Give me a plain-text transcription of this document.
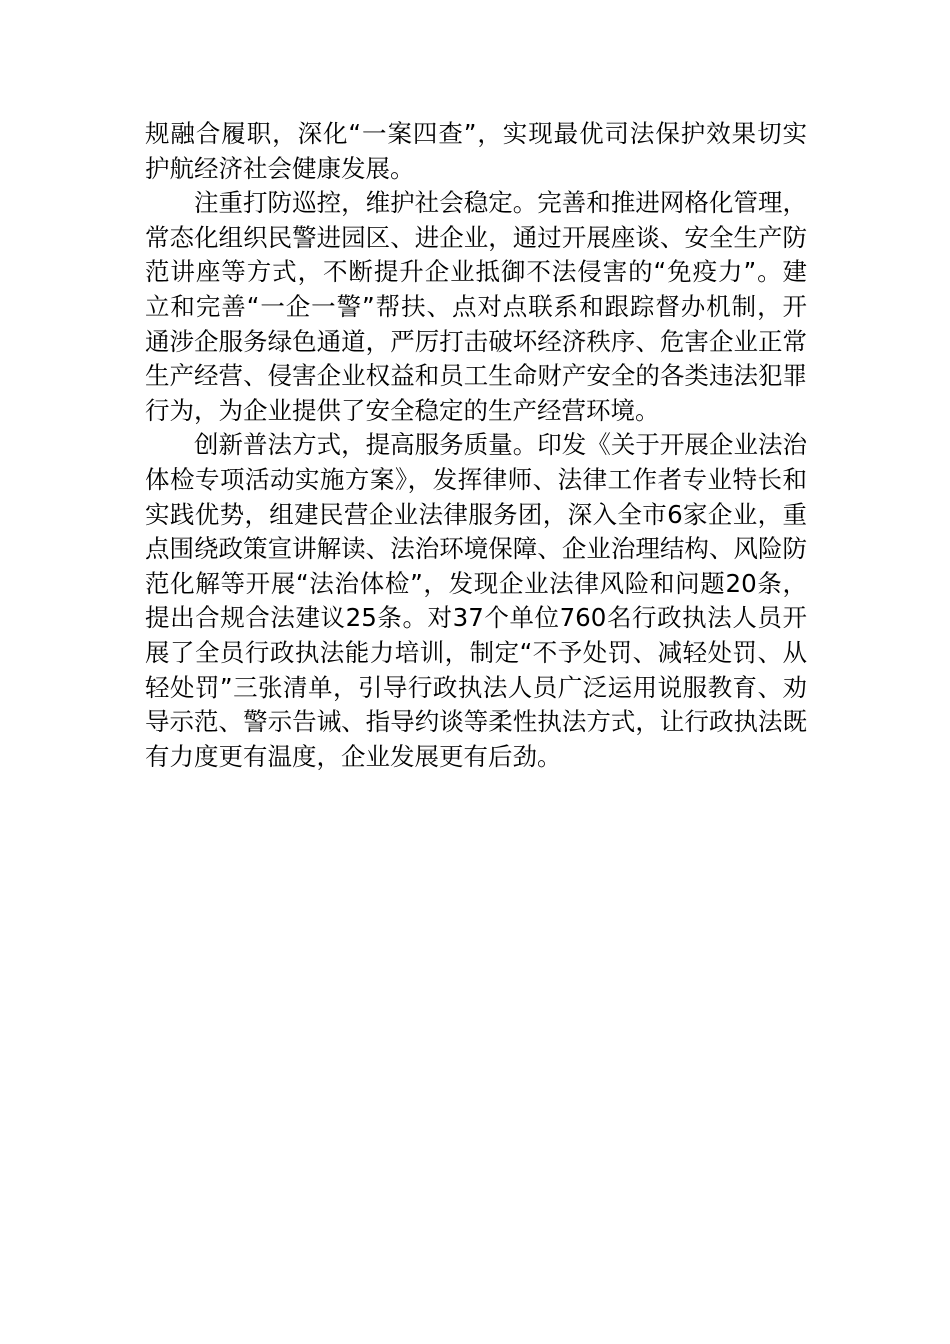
规融合履职，深化“一案四查”，实现最优司法保护效果切实护航经济社会健康发展。

注重打防巡控，维护社会稳定。完善和推进网格化管理，常态化组织民警进园区、进企业，通过开展座谈、安全生产防范讲座等方式，不断提升企业抵御不法侵害的“免疫力”。建立和完善“一企一警”帮扶、点对点联系和跟踪督办机制，开通涉企服务绿色通道，严厉打击破坏经济秩序、危害企业正常生产经营、侵害企业权益和员工生命财产安全的各类违法犯罪行为，为企业提供了安全稳定的生产经营环境。

创新普法方式，提高服务质量。印发《关于开展企业法治体检专项活动实施方案》，发挥律师、法律工作者专业特长和实践优势，组建民营企业法律服务团，深入全市6家企业，重点围绕政策宣讲解读、法治环境保障、企业治理结构、风险防范化解等开展“法治体检”，发现企业法律风险和问题20条，提出合规合法建议25条。对37个单位760名行政执法人员开展了全员行政执法能力培训，制定“不予处罚、减轻处罚、从轻处罚”三张清单，引导行政执法人员广泛运用说服教育、劝导示范、警示告诫、指导约谈等柔性执法方式，让行政执法既有力度更有温度，企业发展更有后劲。
